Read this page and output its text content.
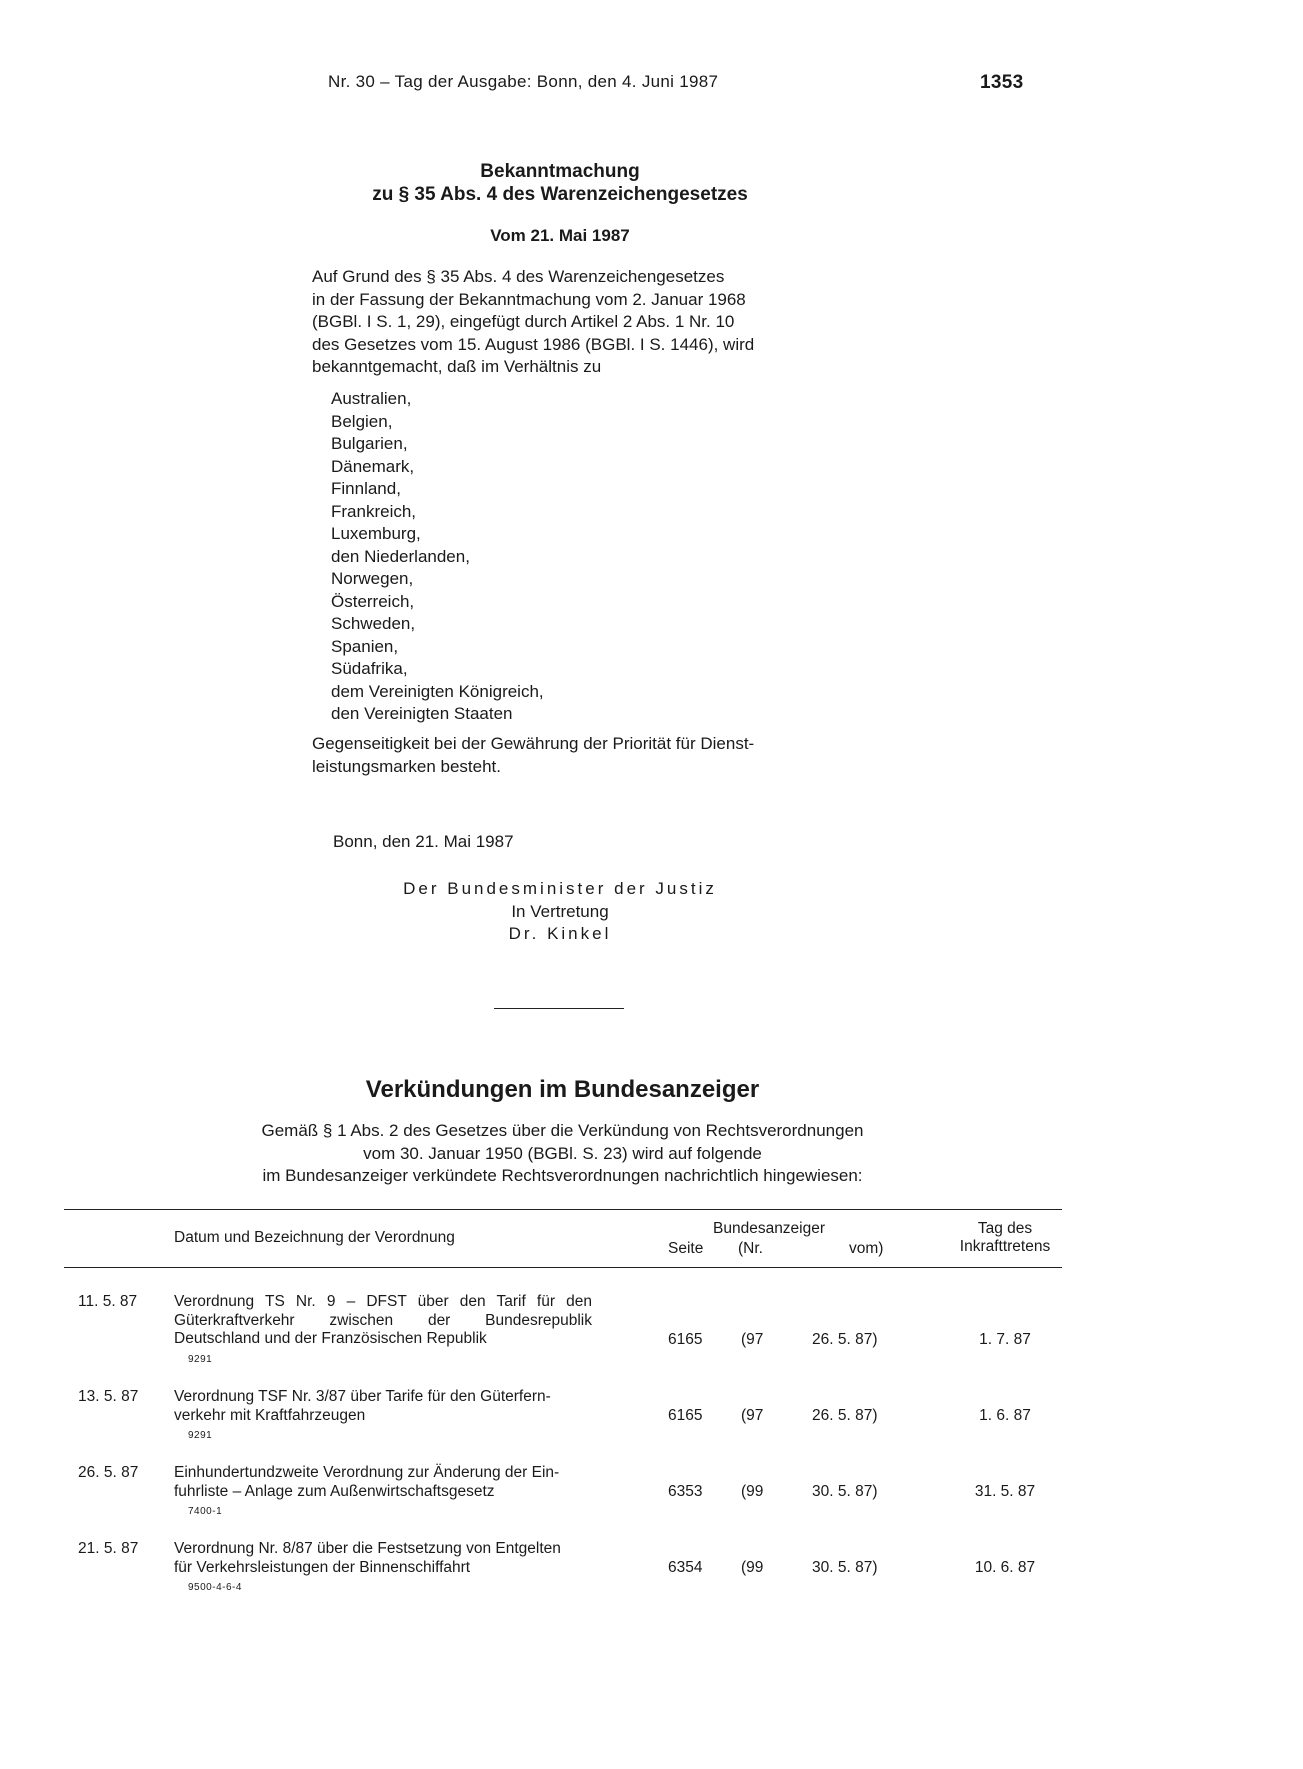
Nr. 30 – Tag der Ausgabe: Bonn, den 4. Juni 1987	1353
Bekanntmachung
zu § 35 Abs. 4 des Warenzeichengesetzes
Vom 21. Mai 1987

Auf Grund des § 35 Abs. 4 des Warenzeichengesetzes

in der Fassung der Bekanntmachung vom 2. Januar 1968

(BGBl. I S. 1, 29), eingefügt durch Artikel 2 Abs. 1 Nr. 10

des Gesetzes vom 15. August 1986 (BGBl. I S. 1446), wird

bekanntgemacht, daß im Verhältnis zu

Australien,
Belgien,
Bulgarien,
Dänemark,
Finnland,
Frankreich,
Luxemburg,
den Niederlanden,
Norwegen,
Österreich,
Schweden,
Spanien,
Südafrika,
dem Vereinigten Königreich,
den Vereinigten Staaten

Gegenseitigkeit bei der Gewährung der Priorität für Dienst-

leistungsmarken besteht.

Bonn, den 21. Mai 1987
Der Bundesminister der Justiz
In Vertretung
Dr. Kinkel
Verkündungen im Bundesanzeiger
Gemäß § 1 Abs. 2 des Gesetzes über die Verkündung von Rechtsverordnungen
vom 30. Januar 1950 (BGBl. S. 23) wird auf folgende
im Bundesanzeiger verkündete Rechtsverordnungen nachrichtlich hingewiesen:
Datum und Bezeichnung der Verordnung
Bundesanzeiger
Seite (Nr.	vom)
Tag des
Inkrafttretens
11. 5. 87 Verordnung TS Nr. 9 – DFST über den Tarif für den
Güterkraftverkehr zwischen der Bundesrepublik
Deutschland und der Französischen Republik
9291
6165 (97	26. 5. 87)	1. 7. 87
13. 5. 87 Verordnung TSF Nr. 3/87 über Tarife für den Güterfern-
verkehr mit Kraftfahrzeugen
9291
6165 (97	26. 5. 87)	1. 6. 87
26. 5. 87 Einhundertundzweite Verordnung zur Änderung der Ein-
fuhrliste – Anlage zum Außenwirtschaftsgesetz
7400-1
6353 (99	30. 5. 87)	31. 5. 87
21. 5. 87 Verordnung Nr. 8/87 über die Festsetzung von Entgelten
für Verkehrsleistungen der Binnenschiffahrt
9500-4-6-4
6354 (99	30. 5. 87)	10. 6. 87
